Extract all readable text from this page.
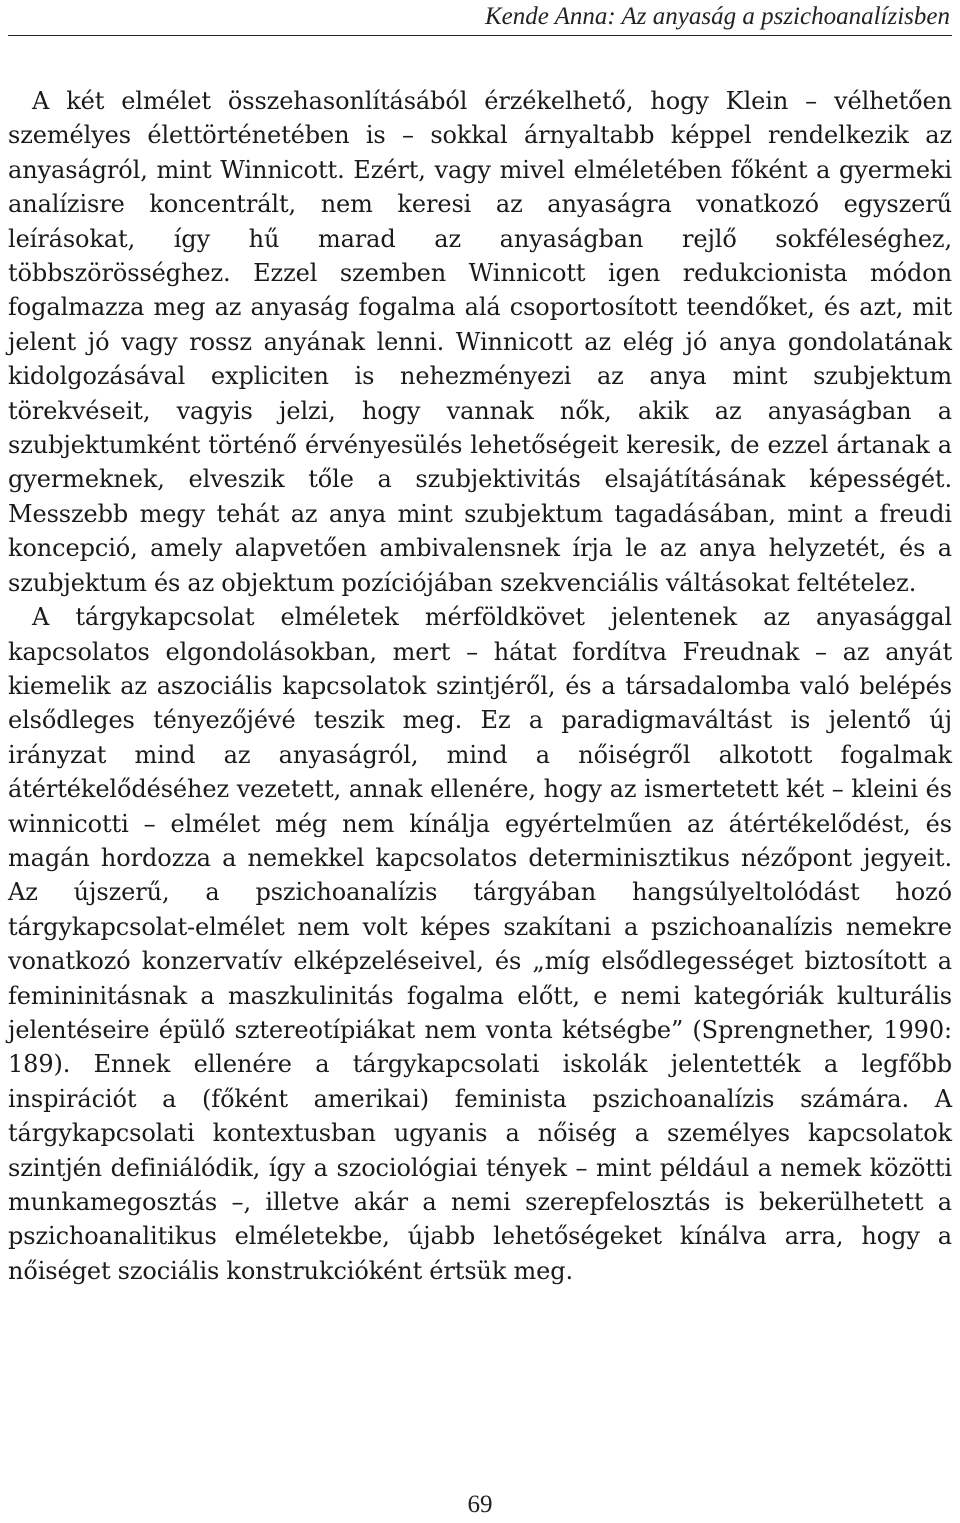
Kende Anna: Az anyaság a pszichoanalízisben

A két elmélet összehasonlításából érzékelhető, hogy Klein – vélhetően személyes élettörténetében is – sokkal árnyaltabb képpel rendelkezik az anyaságról, mint Winnicott. Ezért, vagy mivel elméletében főként a gyermeki analízisre koncentrált, nem keresi az anyaságra vonatkozó egyszerű leírásokat, így hű marad az anyaságban rejlő sokféleséghez, többszörösséghez. Ezzel szemben Winnicott igen redukcionista módon fogalmazza meg az anyaság fogalma alá csoportosított teendőket, és azt, mit jelent jó vagy rossz anyának lenni. Winnicott az elég jó anya gondolatának kidolgozásával expliciten is nehezményezi az anya mint szubjektum törekvéseit, vagyis jelzi, hogy vannak nők, akik az anyaságban a szubjektumként történő érvényesülés lehetőségeit keresik, de ezzel ártanak a gyermeknek, elveszik tőle a szubjektivitás elsajátításának képességét. Messzebb megy tehát az anya mint szubjektum tagadásában, mint a freudi koncepció, amely alapvetően ambivalensnek írja le az anya helyzetét, és a szubjektum és az objektum pozíciójában szekvenciális váltásokat feltételez.

A tárgykapcsolat elméletek mérföldkövet jelentenek az anyasággal kapcsolatos elgondolásokban, mert – hátat fordítva Freudnak – az anyát kiemelik az aszociális kapcsolatok szintjéről, és a társadalomba való belépés elsődleges tényezőjévé teszik meg. Ez a paradigmaváltást is jelentő új irányzat mind az anyaságról, mind a nőiségről alkotott fogalmak átértékelődéséhez vezetett, annak ellenére, hogy az ismertetett két – kleini és winnicotti – elmélet még nem kínálja egyértelműen az átértékelődést, és magán hordozza a nemekkel kapcsolatos determinisztikus nézőpont jegyeit. Az újszerű, a pszichoanalízis tárgyában hangsúlyeltolódást hozó tárgykapcsolat-elmélet nem volt képes szakítani a pszichoanalízis nemekre vonatkozó konzervatív elképzeléseivel, és „míg elsődlegességet biztosított a femininitásnak a maszkulinitás fogalma előtt, e nemi kategóriák kulturális jelentéseire épülő sztereotípiákat nem vonta kétségbe” (Sprengnether, 1990: 189). Ennek ellenére a tárgykapcsolati iskolák jelentették a legfőbb inspirációt a (főként amerikai) feminista pszichoanalízis számára. A tárgykapcsolati kontextusban ugyanis a nőiség a személyes kapcsolatok szintjén definiálódik, így a szociológiai tények – mint például a nemek közötti munkamegosztás –, illetve akár a nemi szerepfelosztás is bekerülhetett a pszichoanalitikus elméletekbe, újabb lehetőségeket kínálva arra, hogy a nőiséget szociális konstrukcióként értsük meg.

69
